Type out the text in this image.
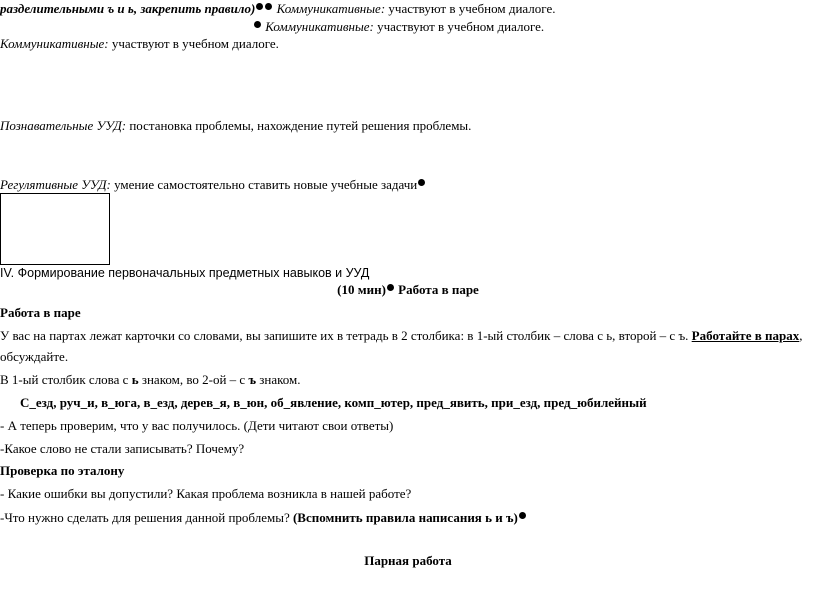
разделительными ъ и ь, закрепить правило) Коммуникативные: участвуют в учебном диалоге.
Коммуникативные: участвуют в учебном диалоге.
Коммуникативные: участвуют в учебном диалоге.
Познавательные УУД: постановка проблемы, нахождение путей решения проблемы.
Регулятивные УУД: умение самостоятельно ставить новые учебные задачи
IV. Формирование первоначальных предметных навыков и УУД
(10 мин) Работа в паре
Работа в паре
У вас на партах лежат карточки со словами, вы запишите их в тетрадь в 2 столбика: в 1-ый столбик – слова с ь, второй – с ъ. Работайте в парах,
обсуждайте.
В 1-ый столбик слова с ь знаком, во 2-ой – с ъ знаком.
С_езд, руч_и, в_юга, в_езд, дерев_я, в_юн, об_явление, комп_ютер, пред_явить, при_езд, пред_юбилейный
- А теперь проверим, что у вас получилось. (Дети читают свои ответы)
-Какое слово не стали записывать? Почему?
Проверка по эталону
- Какие ошибки вы допустили? Какая проблема возникла в нашей работе?
-Что нужно сделать для решения данной проблемы? (Вспомнить правила написания ь и ъ)
Парная работа
